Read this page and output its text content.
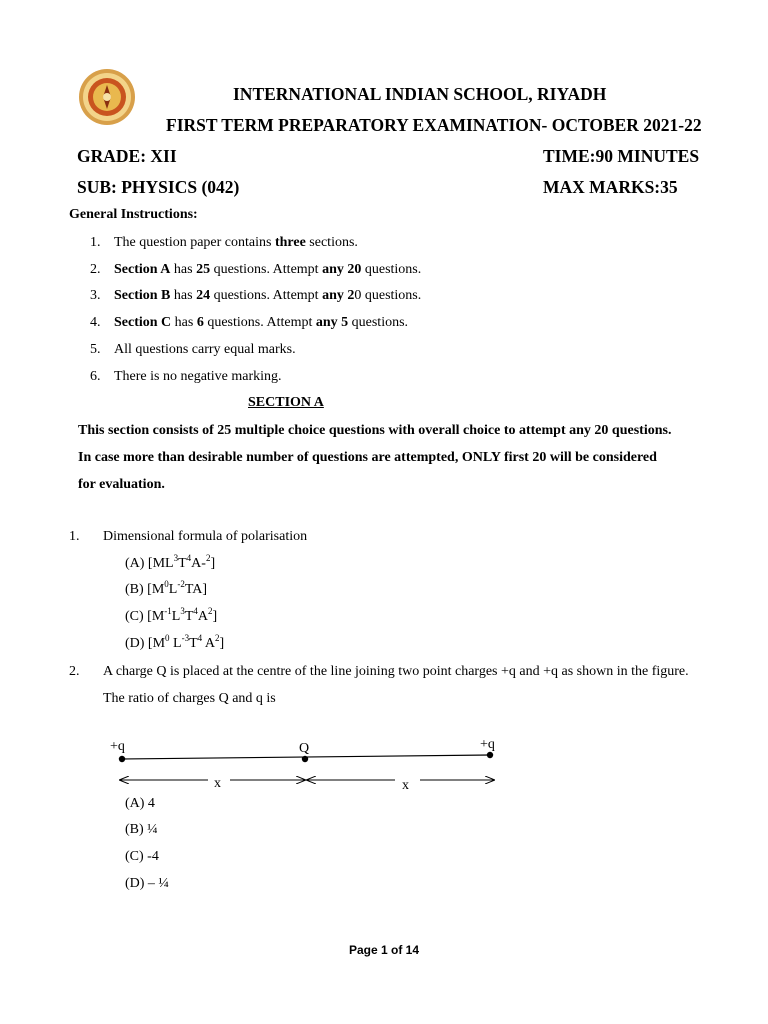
INTERNATIONAL INDIAN SCHOOL, RIYADH
FIRST TERM PREPARATORY EXAMINATION- OCTOBER 2021-22
GRADE: XII	TIME:90 MINUTES
SUB: PHYSICS (042)	MAX MARKS:35
General Instructions:
1. The question paper contains three sections.
2. Section A has 25 questions. Attempt any 20 questions.
3. Section B has 24 questions. Attempt any 20 questions.
4. Section C has 6 questions. Attempt any 5 questions.
5. All questions carry equal marks.
6. There is no negative marking.
SECTION A
This section consists of 25 multiple choice questions with overall choice to attempt any 20 questions.
In case more than desirable number of questions are attempted, ONLY first 20 will be considered
for evaluation.
1. Dimensional formula of polarisation
(A) $[ML^3T^4A-^2]$
(B) $[M^0L^{-2}TA]$
(C) $[M^{-1}L^3T^4A^2]$
(D) [$M^0$ $L^{-3}T^4$ $A^2$]
2. A charge Q is placed at the centre of the line joining two point charges +q and +q as shown in the figure.
The ratio of charges Q and q is
+q	Q	+q
x	x
(A) 4
(B) ¼
(C) -4
(D) – ¼
Page 1 of 14
